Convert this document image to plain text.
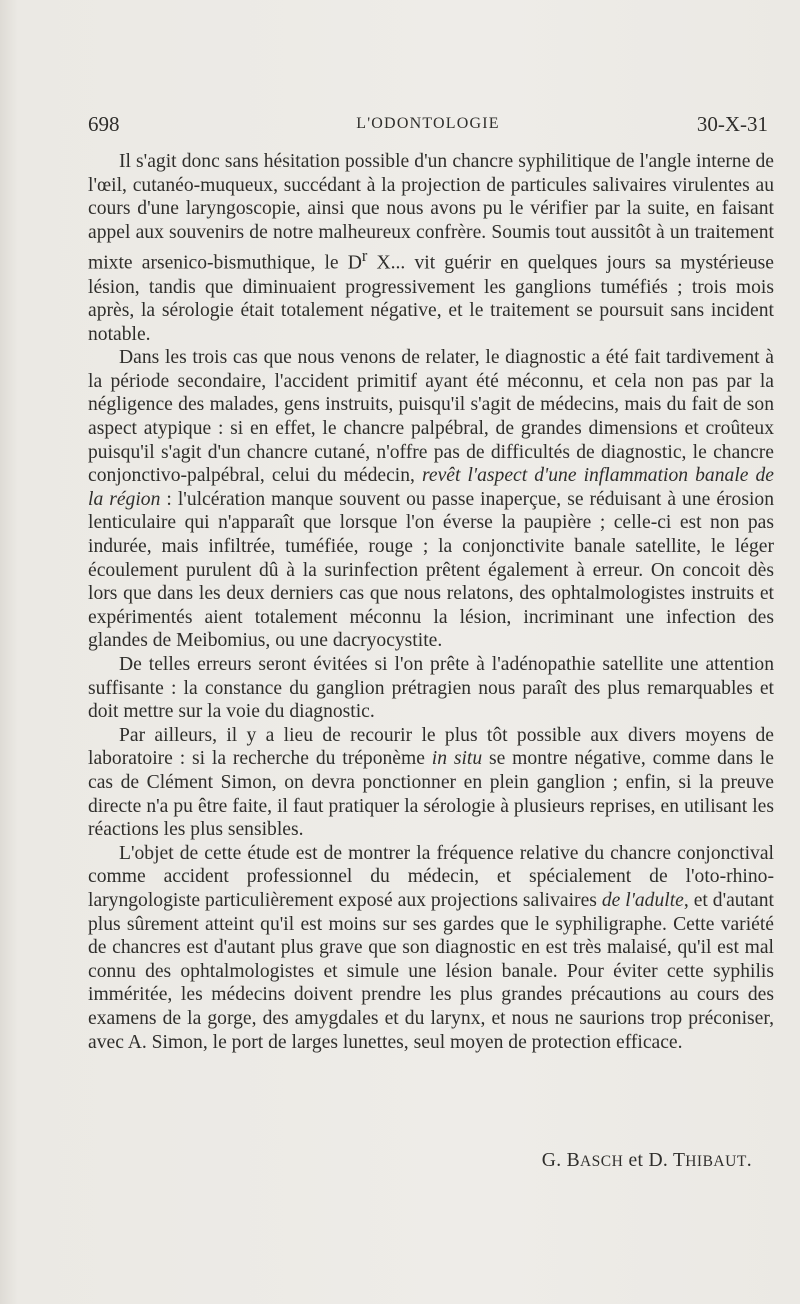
698	L'ODONTOLOGIE	30-X-31

Il s'agit donc sans hésitation possible d'un chancre syphilitique de l'angle interne de l'œil, cutanéo-muqueux, succédant à la projection de particules salivaires virulentes au cours d'une laryngoscopie, ainsi que nous avons pu le vérifier par la suite, en faisant appel aux souvenirs de notre malheureux confrère. Soumis tout aussitôt à un traitement mixte arsenico-bismuthique, le $D^r$ X... vit guérir en quelques jours sa mystérieuse lésion, tandis que diminuaient progressivement les ganglions tuméfiés ; trois mois après, la sérologie était totalement négative, et le traitement se poursuit sans incident notable.

Dans les trois cas que nous venons de relater, le diagnostic a été fait tardivement à la période secondaire, l'accident primitif ayant été méconnu, et cela non pas par la négligence des malades, gens instruits, puisqu'il s'agit de médecins, mais du fait de son aspect atypique : si en effet, le chancre palpébral, de grandes dimensions et croûteux puisqu'il s'agit d'un chancre cutané, n'offre pas de difficultés de diagnostic, le chancre conjonctivo-palpébral, celui du médecin, revêt l'aspect d'une inflammation banale de la région : l'ulcération manque souvent ou passe inaperçue, se réduisant à une érosion lenticulaire qui n'apparaît que lorsque l'on éverse la paupière ; celle-ci est non pas indurée, mais infiltrée, tuméfiée, rouge ; la conjonctivite banale satellite, le léger écoulement purulent dû à la surinfection prêtent également à erreur. On concoit dès lors que dans les deux derniers cas que nous relatons, des ophtalmologistes instruits et expérimentés aient totalement méconnu la lésion, incriminant une infection des glandes de Meibomius, ou une dacryocystite.

De telles erreurs seront évitées si l'on prête à l'adénopathie satellite une attention suffisante : la constance du ganglion prétragien nous paraît des plus remarquables et doit mettre sur la voie du diagnostic.

Par ailleurs, il y a lieu de recourir le plus tôt possible aux divers moyens de laboratoire : si la recherche du tréponème in situ se montre négative, comme dans le cas de Clément Simon, on devra ponctionner en plein ganglion ; enfin, si la preuve directe n'a pu être faite, il faut pratiquer la sérologie à plusieurs reprises, en utilisant les réactions les plus sensibles.

L'objet de cette étude est de montrer la fréquence relative du chancre conjonctival comme accident professionnel du médecin, et spécialement de l'oto-rhino-laryngologiste particulièrement exposé aux projections salivaires de l'adulte, et d'autant plus sûrement atteint qu'il est moins sur ses gardes que le syphiligraphe. Cette variété de chancres est d'autant plus grave que son diagnostic en est très malaisé, qu'il est mal connu des ophtalmologistes et simule une lésion banale. Pour éviter cette syphilis imméritée, les médecins doivent prendre les plus grandes précautions au cours des examens de la gorge, des amygdales et du larynx, et nous ne saurions trop préconiser, avec A. Simon, le port de larges lunettes, seul moyen de protection efficace.

G. BASCH et D. THIBAUT.
